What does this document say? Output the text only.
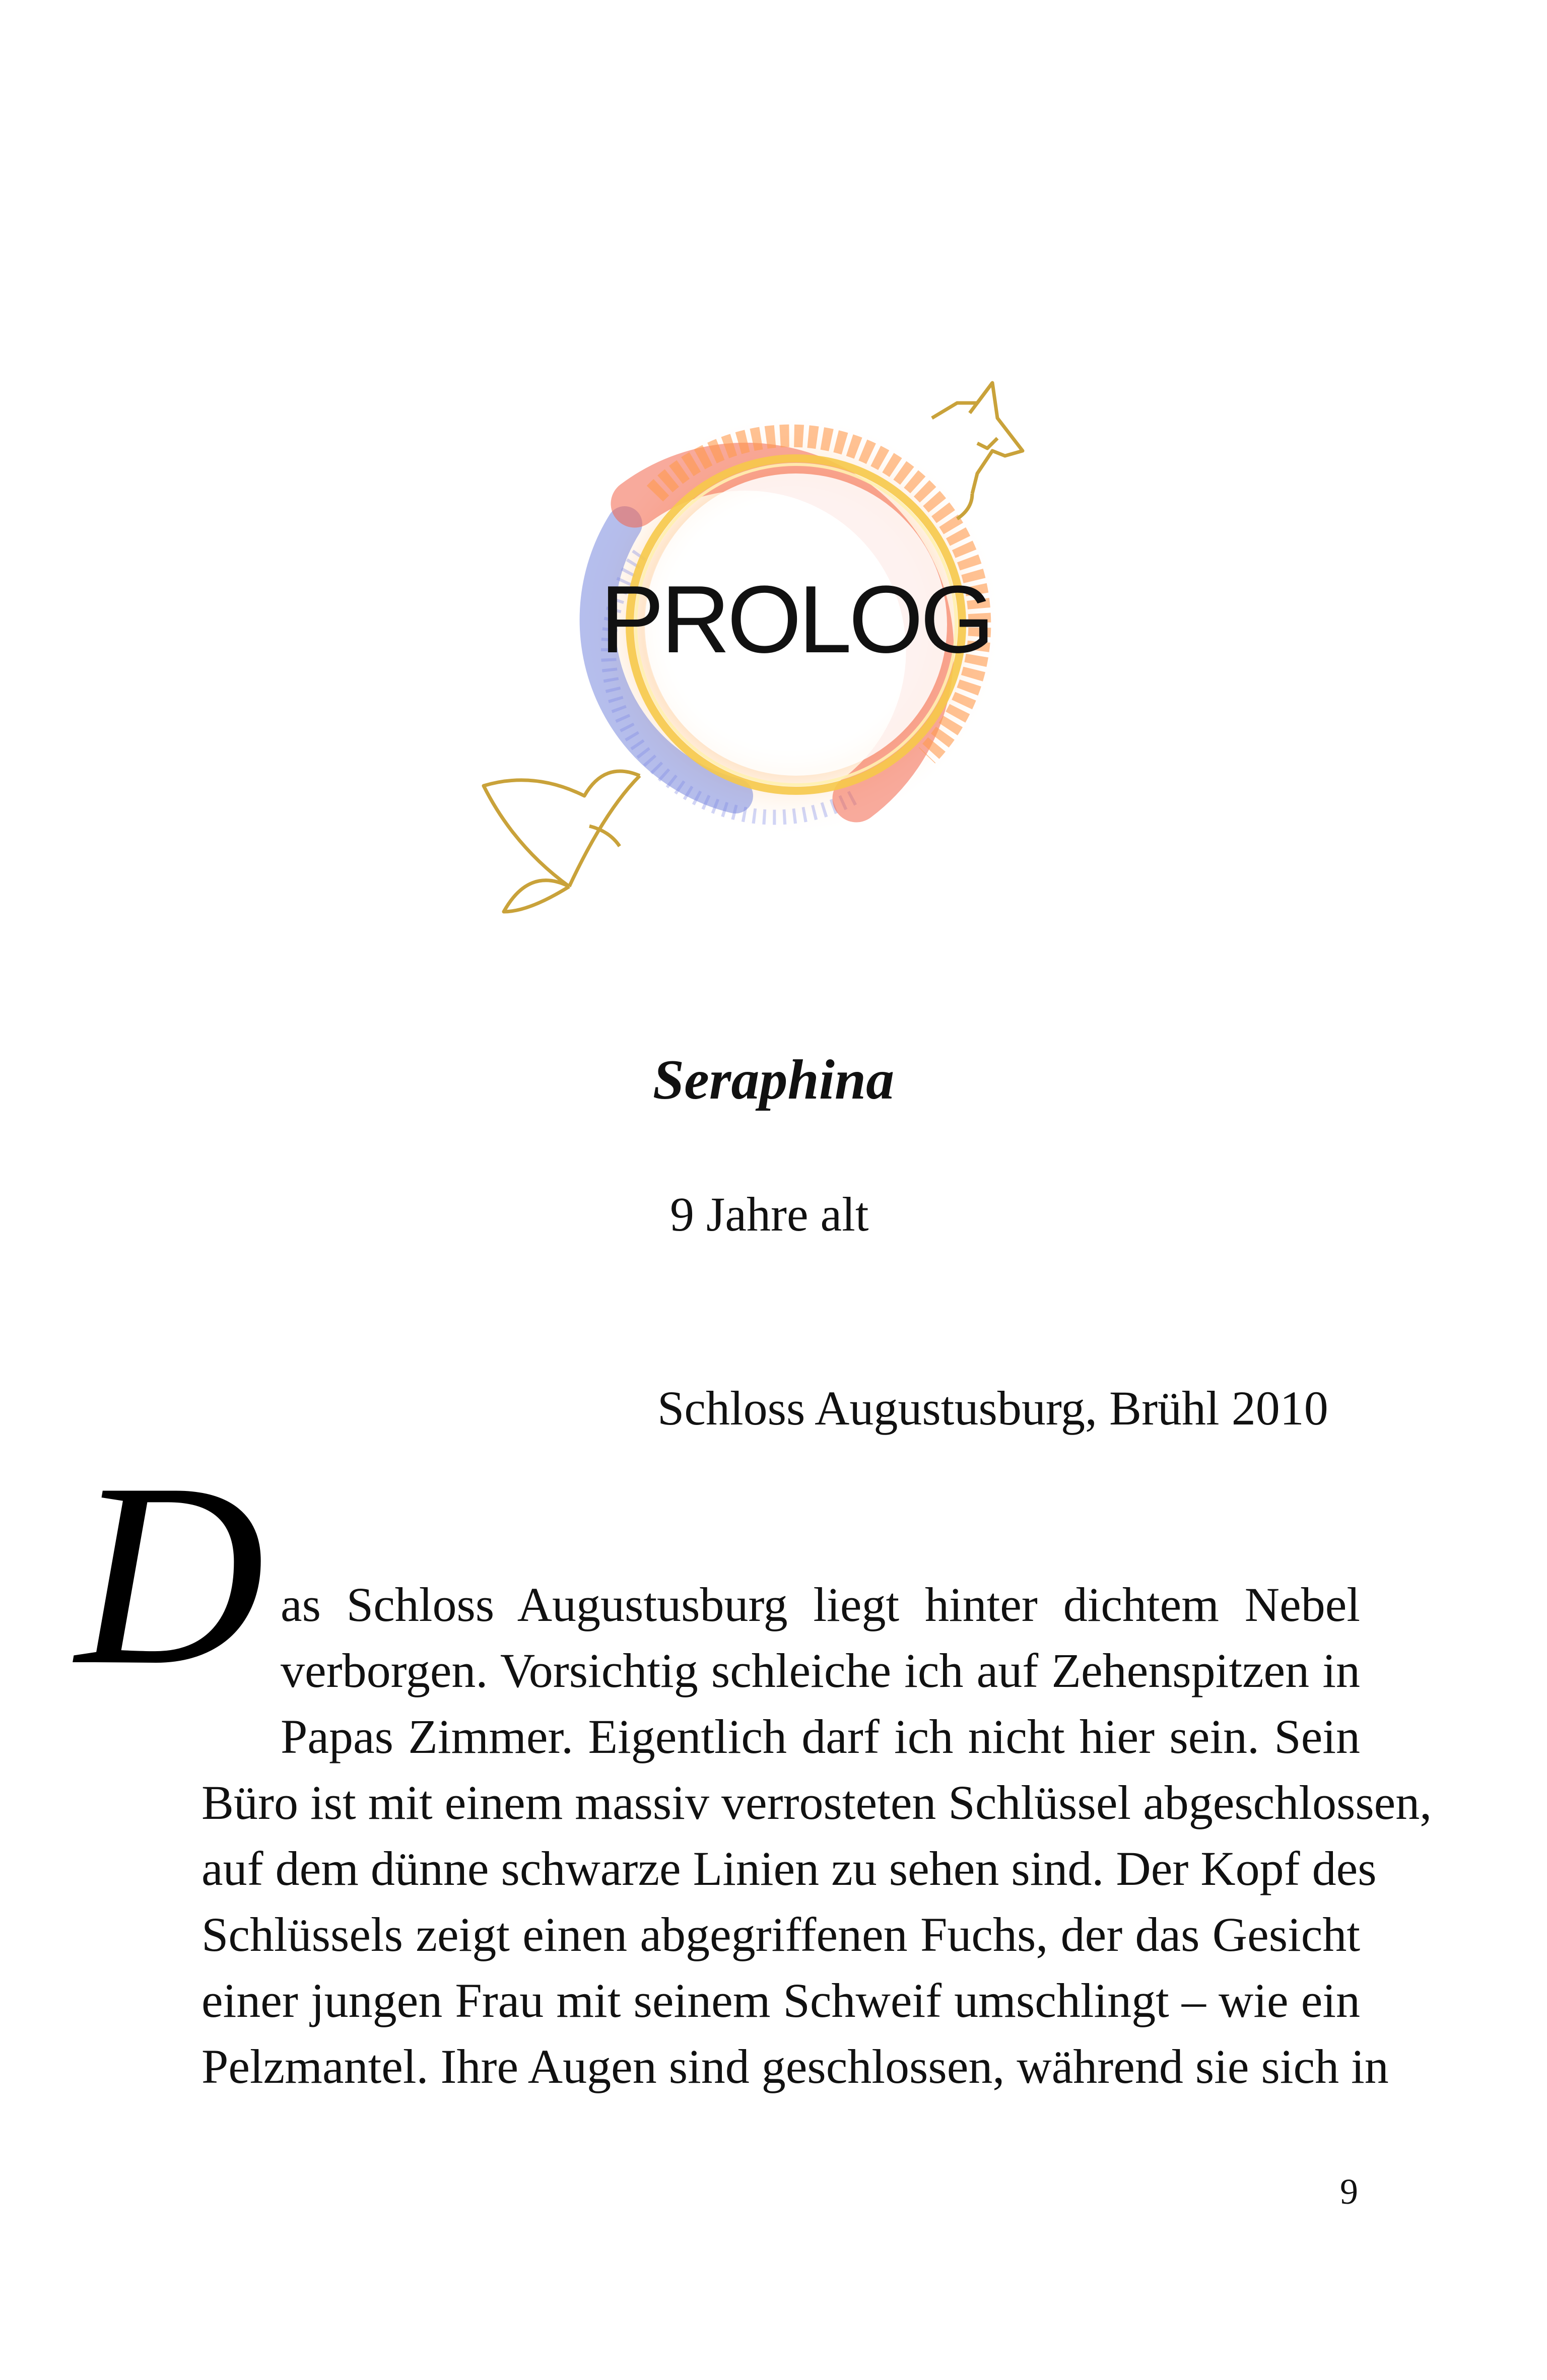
PROLOG
Seraphina
9 Jahre alt
Schloss Augustusburg, Brühl 2010
D as Schloss Augustusburg liegt hinter dichtem Nebel
verborgen. Vorsichtig schleiche ich auf Zehenspitzen in
Papas Zimmer. Eigentlich darf ich nicht hier sein. Sein
Büro ist mit einem massiv verrosteten Schlüssel abgeschlossen,
auf dem dünne schwarze Linien zu sehen sind. Der Kopf des
Schlüssels zeigt einen abgegriffenen Fuchs, der das Gesicht
einer jungen Frau mit seinem Schweif umschlingt – wie ein
Pelzmantel. Ihre Augen sind geschlossen, während sie sich in
9
